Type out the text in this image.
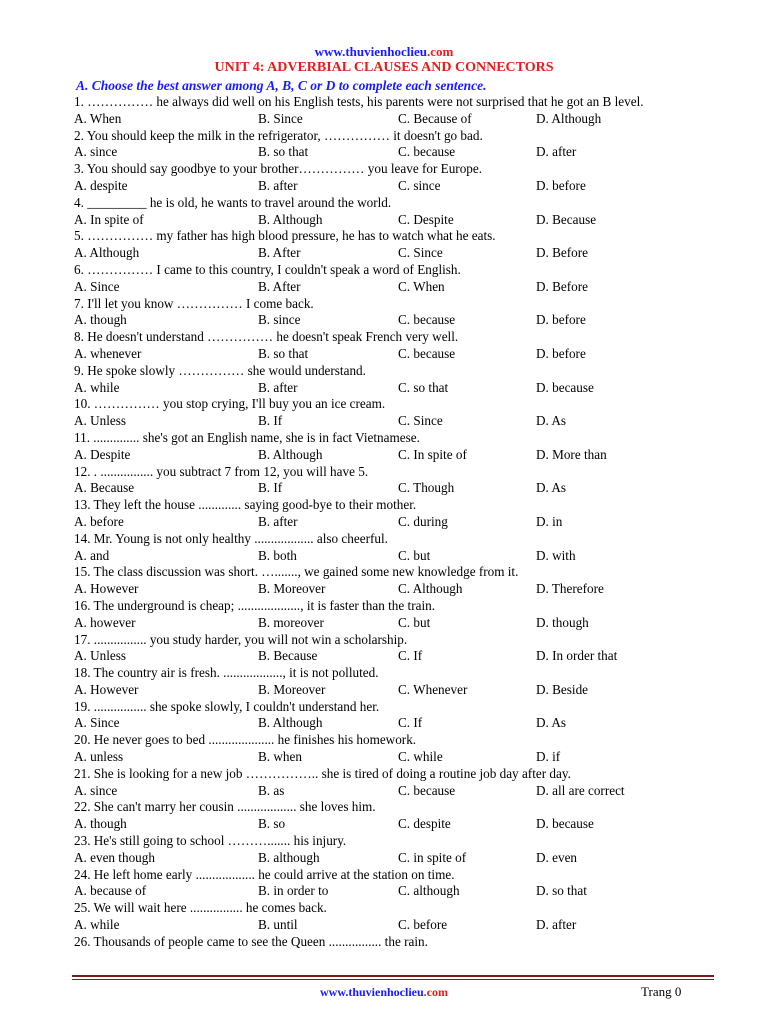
www.thuvienhoclieu.com
UNIT 4: ADVERBIAL CLAUSES AND CONNECTORS
A. Choose the best answer among A, B, C or D to complete each sentence.
1. …………… he always did well on his English tests, his parents were not surprised that he got an B level.
A. When	B. Since	C. Because of	D. Although
2. You should keep the milk in the refrigerator, …………… it doesn't go bad.
A. since	B. so that	C. because	D. after
3. You should say goodbye to your brother…………… you leave for Europe.
A. despite	B. after	C. since	D. before
4. _________ he is old, he wants to travel around the world.
A. In spite of	B. Although	C. Despite	D. Because
5. …………… my father has high blood pressure, he has to watch what he eats.
A. Although	B. After	C. Since	D. Before
6. …………… I came to this country, I couldn't speak a word of English.
A. Since	B. After	C. When	D. Before
7. I'll let you know …………… I come back.
A. though	B. since	C. because	D. before
8. He doesn't understand …………… he doesn't speak French very well.
A. whenever	B. so that	C. because	D. before
9. He spoke slowly …………… she would understand.
A. while	B. after	C. so that	D. because
10. …………… you stop crying, I'll buy you an ice cream.
A. Unless	B. If	C. Since	D. As
11. .............. she's got an English name, she is in fact Vietnamese.
A. Despite	B. Although	C. In spite of	D. More than
12. . ................ you subtract 7 from 12, you will have 5.
A. Because	B. If	C. Though	D. As
13. They left the house ............. saying good-bye to their mother.
A. before	B. after	C. during	D. in
14. Mr. Young is not only healthy .................. also cheerful.
A. and	B. both	C. but	D. with
15. The class discussion was short. …......., we gained some new knowledge from it.
A. However	B. Moreover	C. Although	D. Therefore
16. The underground is cheap; ..................., it is faster than the train.
A. however	B. moreover	C. but	D. though
17. ................ you study harder, you will not win a scholarship.
A. Unless	B. Because	C. If	D. In order that
18. The country air is fresh. .................., it is not polluted.
A. However	B. Moreover	C. Whenever	D. Beside
19. ................ she spoke slowly, I couldn't understand her.
A. Since	B. Although	C. If	D. As
20. He never goes to bed .................... he finishes his homework.
A. unless	B. when	C. while	D. if
21. She is looking for a new job …………….. she is tired of doing a routine job day after day.
A. since	B. as	C. because	D. all are correct
22. She can't marry her cousin .................. she loves him.
A. though	B. so	C. despite	D. because
23. He's still going to school ………....... his injury.
A. even though	B. although	C. in spite of	D. even
24. He left home early .................. he could arrive at the station on time.
A. because of	B. in order to	C. although	D. so that
25. We will wait here ................ he comes back.
A. while	B. until	C. before	D. after
26. Thousands of people came to see the Queen ................ the rain.
www.thuvienhoclieu.com	Trang 0
